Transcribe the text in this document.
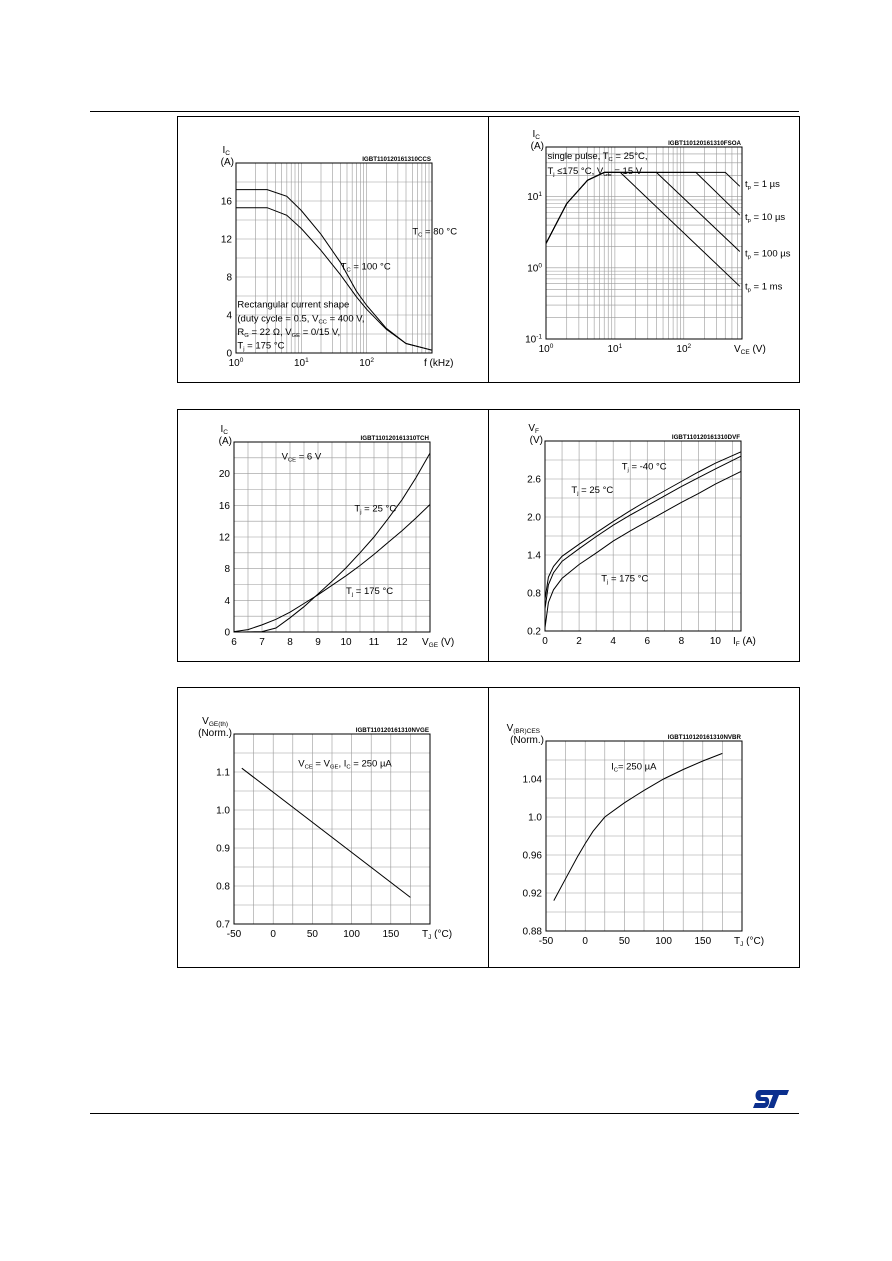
IGBT110120161310CCS
$I_C$
(A)
f (kHz)
$10^0$	$10^1$	$10^2$
0
4
8
12
16
$T_C = 80$ °C
$T_C = 100$ °C
Rectangular current shape
(duty cycle = 0.5, $V_{CC} = 400$ V,
$R_G = 22$ Ω, $V_{GE} = 0/15$ V,
$T_j = 175$ °C
IGBT110120161310FSOA
$I_C$
(A)
$V_{CE}$ (V)
$10^0$	$10^1$	$10^2$
$10^{-1}$
$10^0$
$10^1$
single pulse, $T_C = 25^\circ C$,
$T_j \le 175$ °C, $V_{GE} = 15$ V
$t_p = 1$ µs
$t_p = 10$ µs
$t_p = 100$ µs
$t_p = 1$ ms
IGBT110120161310TCH
$I_C$
(A)
$V_{GE}$ (V)
6 7 8 9 10 11 12
0
4
8
12
16
20
$V_{CE} = 6$ V
$T_j = 25$ °C
$T_j = 175$ °C
IGBT110120161310DVF
$V_F$
(V)
$I_F$ (A)
0	2	4	6	8	10
0.2
0.8
1.4
2.0
2.6
$T_j = -40$ °C
$T_j = 25$ °C
$T_j = 175$ °C
IGBT110120161310NVGE
$V_{GE(th)}$
(Norm.)
$T_J$ (°C)
-50	0	50	100 150
0.7
0.8
0.9
1.0
1.1
$V_{CE} = V_{GE}$, $I_C = 250$ µA
IGBT110120161310NVBR
$V_{(BR)CES}$
(Norm.)
$T_J$ (°C)
-50	0	50	100 150
0.88
0.92
0.96
1.0
1.04
$I_C= 250$ µA
